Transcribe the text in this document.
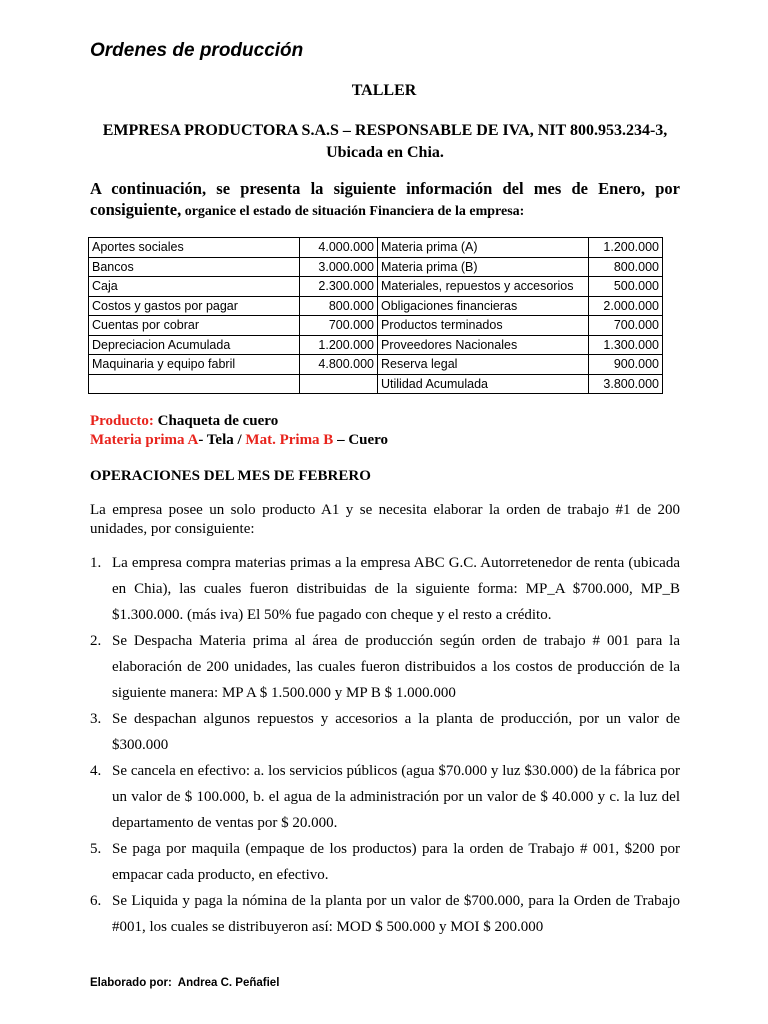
Ordenes de producción
TALLER
EMPRESA PRODUCTORA S.A.S – RESPONSABLE DE IVA, NIT 800.953.234-3, Ubicada en Chia.
A continuación, se presenta la siguiente información del mes de Enero, por consiguiente, organice el estado de situación Financiera de la empresa:
Aportes sociales	4.000.000	Materia prima (A)	1.200.000
Bancos	3.000.000	Materia prima (B)	800.000
Caja	2.300.000	Materiales, repuestos y accesorios	500.000
Costos y gastos por pagar	800.000	Obligaciones financieras	2.000.000
Cuentas por cobrar	700.000	Productos terminados	700.000
Depreciacion Acumulada	1.200.000	Proveedores Nacionales	1.300.000
Maquinaria y equipo fabril	4.800.000	Reserva legal	900.000
		Utilidad Acumulada	3.800.000
Producto: Chaqueta de cuero
Materia prima A- Tela / Mat. Prima B – Cuero
OPERACIONES DEL MES DE FEBRERO
La empresa posee un solo producto A1 y se necesita elaborar la orden de trabajo #1 de 200 unidades, por consiguiente:
1. La empresa compra materias primas a la empresa ABC G.C. Autorretenedor de renta (ubicada en Chia), las cuales fueron distribuidas de la siguiente forma: MP_A $700.000, MP_B $1.300.000. (más iva) El 50% fue pagado con cheque y el resto a crédito.
2. Se Despacha Materia prima al área de producción según orden de trabajo # 001 para la elaboración de 200 unidades, las cuales fueron distribuidos a los costos de producción de la siguiente manera: MP A $ 1.500.000 y MP B $ 1.000.000
3. Se despachan algunos repuestos y accesorios a la planta de producción, por un valor de $300.000
4. Se cancela en efectivo: a. los servicios públicos (agua $70.000 y luz $30.000) de la fábrica por un valor de $ 100.000, b. el agua de la administración por un valor de $ 40.000 y c. la luz del departamento de ventas por $ 20.000.
5. Se paga por maquila (empaque de los productos) para la orden de Trabajo # 001, $200 por empacar cada producto, en efectivo.
6. Se Liquida y paga la nómina de la planta por un valor de $700.000, para la Orden de Trabajo #001, los cuales se distribuyeron así: MOD $ 500.000 y MOI $ 200.000
Elaborado por: Andrea C. Peñafiel
